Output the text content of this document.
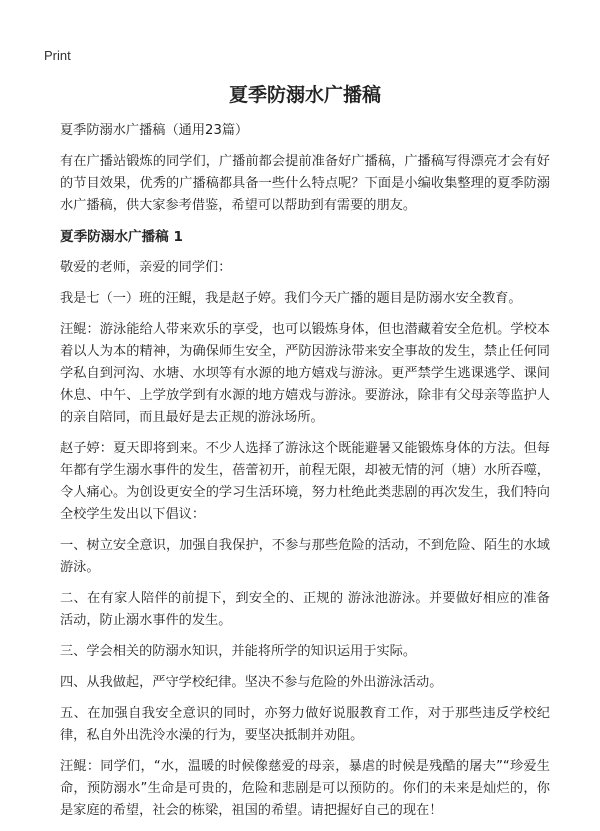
Print
夏季防溺水广播稿

夏季防溺水广播稿（通用23篇）

有在广播站锻炼的同学们，广播前都会提前准备好广播稿，广播稿写得漂亮才会有好的节目效果，优秀的广播稿都具备一些什么特点呢？下面是小编收集整理的夏季防溺水广播稿，供大家参考借鉴，希望可以帮助到有需要的朋友。

夏季防溺水广播稿 1

敬爱的老师，亲爱的同学们：

我是七（一）班的汪鲲，我是赵子婷。我们今天广播的题目是防溺水安全教育。

汪鲲：游泳能给人带来欢乐的享受，也可以锻炼身体，但也潜藏着安全危机。学校本着以人为本的精神，为确保师生安全，严防因游泳带来安全事故的发生，禁止任何同学私自到河沟、水塘、水坝等有水源的地方嬉戏与游泳。更严禁学生逃课逃学、课间休息、中午、上学放学到有水源的地方嬉戏与游泳。要游泳，除非有父母亲等监护人的亲自陪同，而且最好是去正规的游泳场所。

赵子婷：夏天即将到来。不少人选择了游泳这个既能避暑又能锻炼身体的方法。但每年都有学生溺水事件的发生，蓓蕾初开，前程无限，却被无情的河（塘）水所吞噬，令人痛心。为创设更安全的学习生活环境，努力杜绝此类悲剧的再次发生，我们特向全校学生发出以下倡议：

一、树立安全意识，加强自我保护，不参与那些危险的活动，不到危险、陌生的水域游泳。

二、在有家人陪伴的前提下，到安全的、正规的 游泳池游泳。并要做好相应的准备活动，防止溺水事件的发生。

三、学会相关的防溺水知识，并能将所学的知识运用于实际。

四、从我做起，严守学校纪律。坚决不参与危险的外出游泳活动。

五、在加强自我安全意识的同时，亦努力做好说服教育工作，对于那些违反学校纪律，私自外出洗泠水澡的行为，要坚决抵制并劝阻。

汪鲲：同学们，“水，温暖的时候像慈爱的母亲，暴虐的时候是残酷的屠夫”“珍爱生命，预防溺水”生命是可贵的，危险和悲剧是可以预防的。你们的未来是灿烂的，你是家庭的希望，社会的栋梁，祖国的希望。请把握好自己的现在！
